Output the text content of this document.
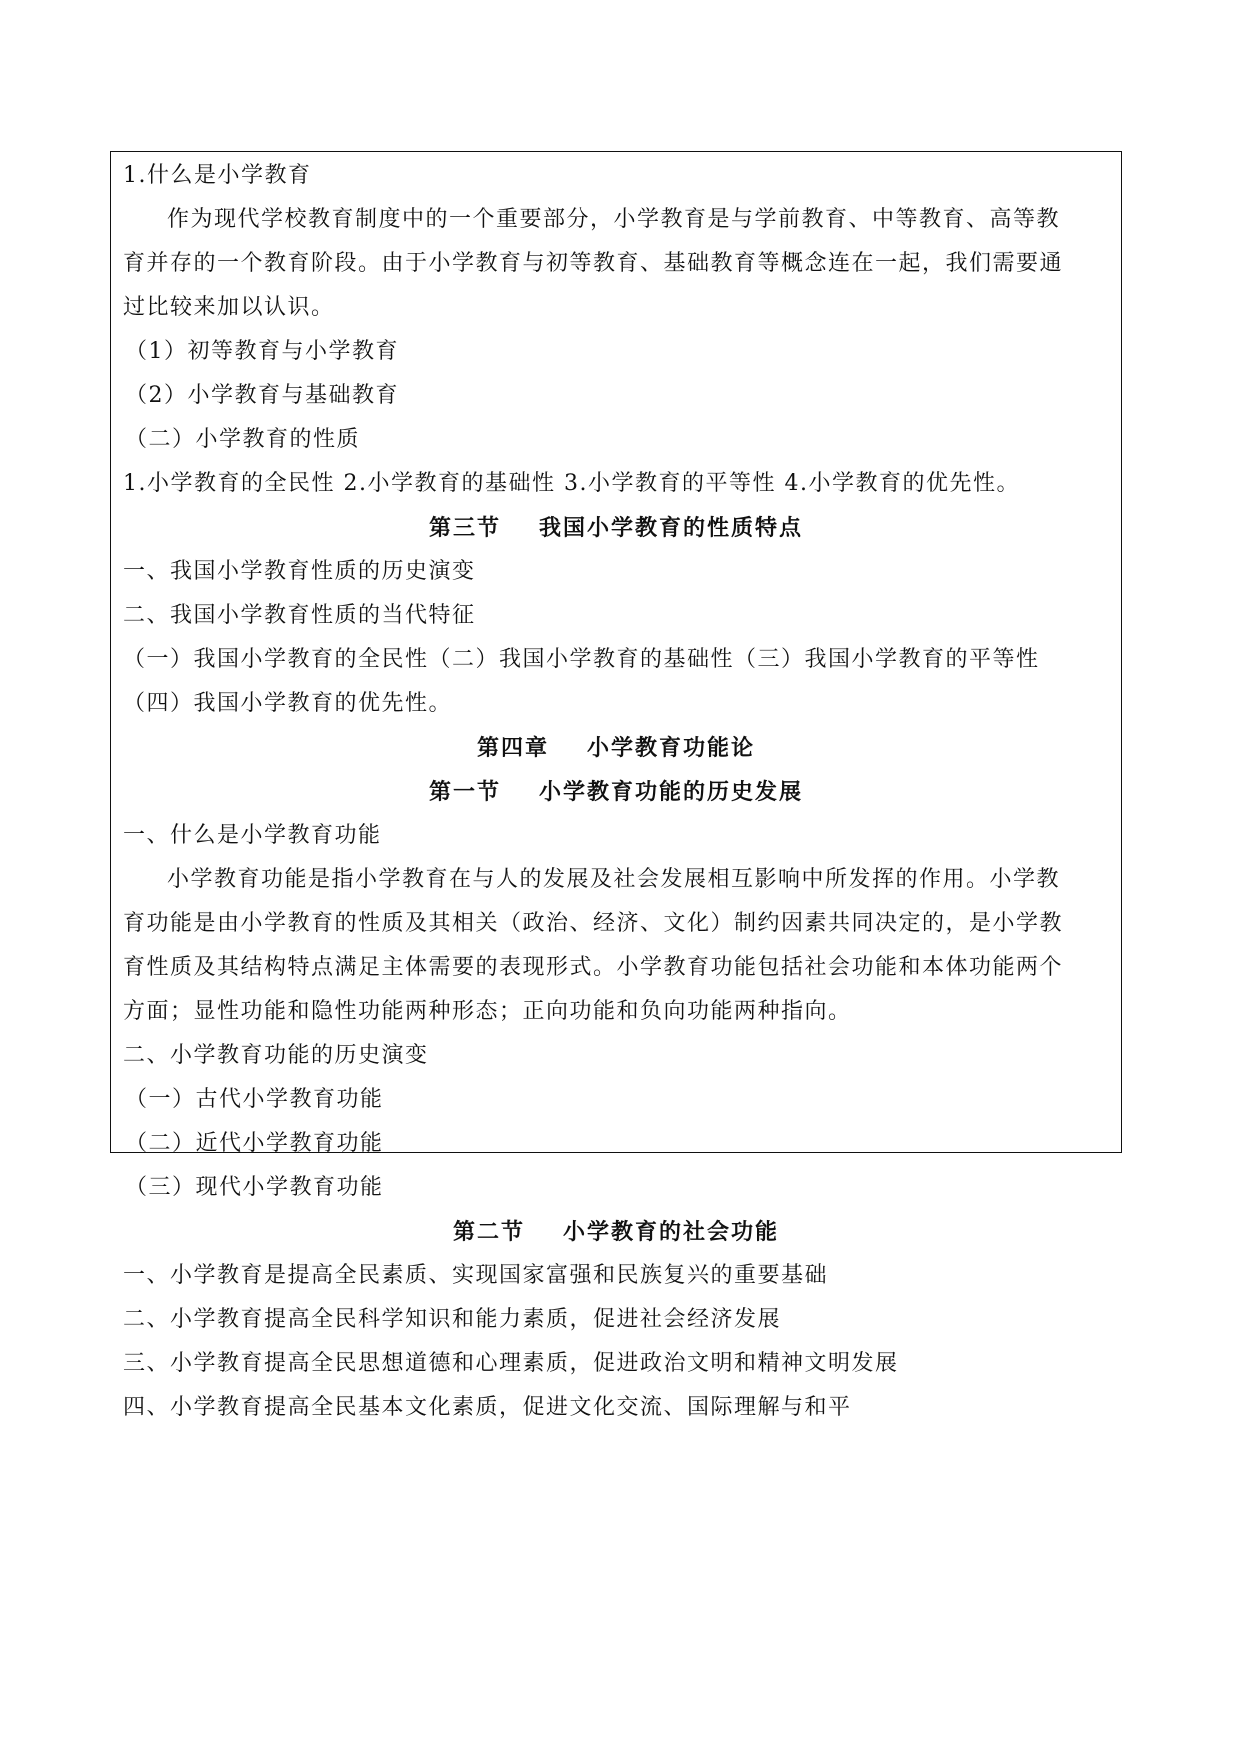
1.什么是小学教育
作为现代学校教育制度中的一个重要部分，小学教育是与学前教育、中等教育、高等教
育并存的一个教育阶段。由于小学教育与初等教育、基础教育等概念连在一起，我们需要通
过比较来加以认识。
（1）初等教育与小学教育
（2）小学教育与基础教育
（二）小学教育的性质
1.小学教育的全民性 2.小学教育的基础性 3.小学教育的平等性 4.小学教育的优先性。
第三节 我国小学教育的性质特点
一、我国小学教育性质的历史演变
二、我国小学教育性质的当代特征
（一）我国小学教育的全民性（二）我国小学教育的基础性（三）我国小学教育的平等性
（四）我国小学教育的优先性。
第四章 小学教育功能论
第一节 小学教育功能的历史发展
一、什么是小学教育功能
小学教育功能是指小学教育在与人的发展及社会发展相互影响中所发挥的作用。小学教
育功能是由小学教育的性质及其相关（政治、经济、文化）制约因素共同决定的，是小学教
育性质及其结构特点满足主体需要的表现形式。小学教育功能包括社会功能和本体功能两个
方面；显性功能和隐性功能两种形态；正向功能和负向功能两种指向。
二、小学教育功能的历史演变
（一）古代小学教育功能
（二）近代小学教育功能
（三）现代小学教育功能
第二节 小学教育的社会功能
一、小学教育是提高全民素质、实现国家富强和民族复兴的重要基础
二、小学教育提高全民科学知识和能力素质，促进社会经济发展
三、小学教育提高全民思想道德和心理素质，促进政治文明和精神文明发展
四、小学教育提高全民基本文化素质，促进文化交流、国际理解与和平
